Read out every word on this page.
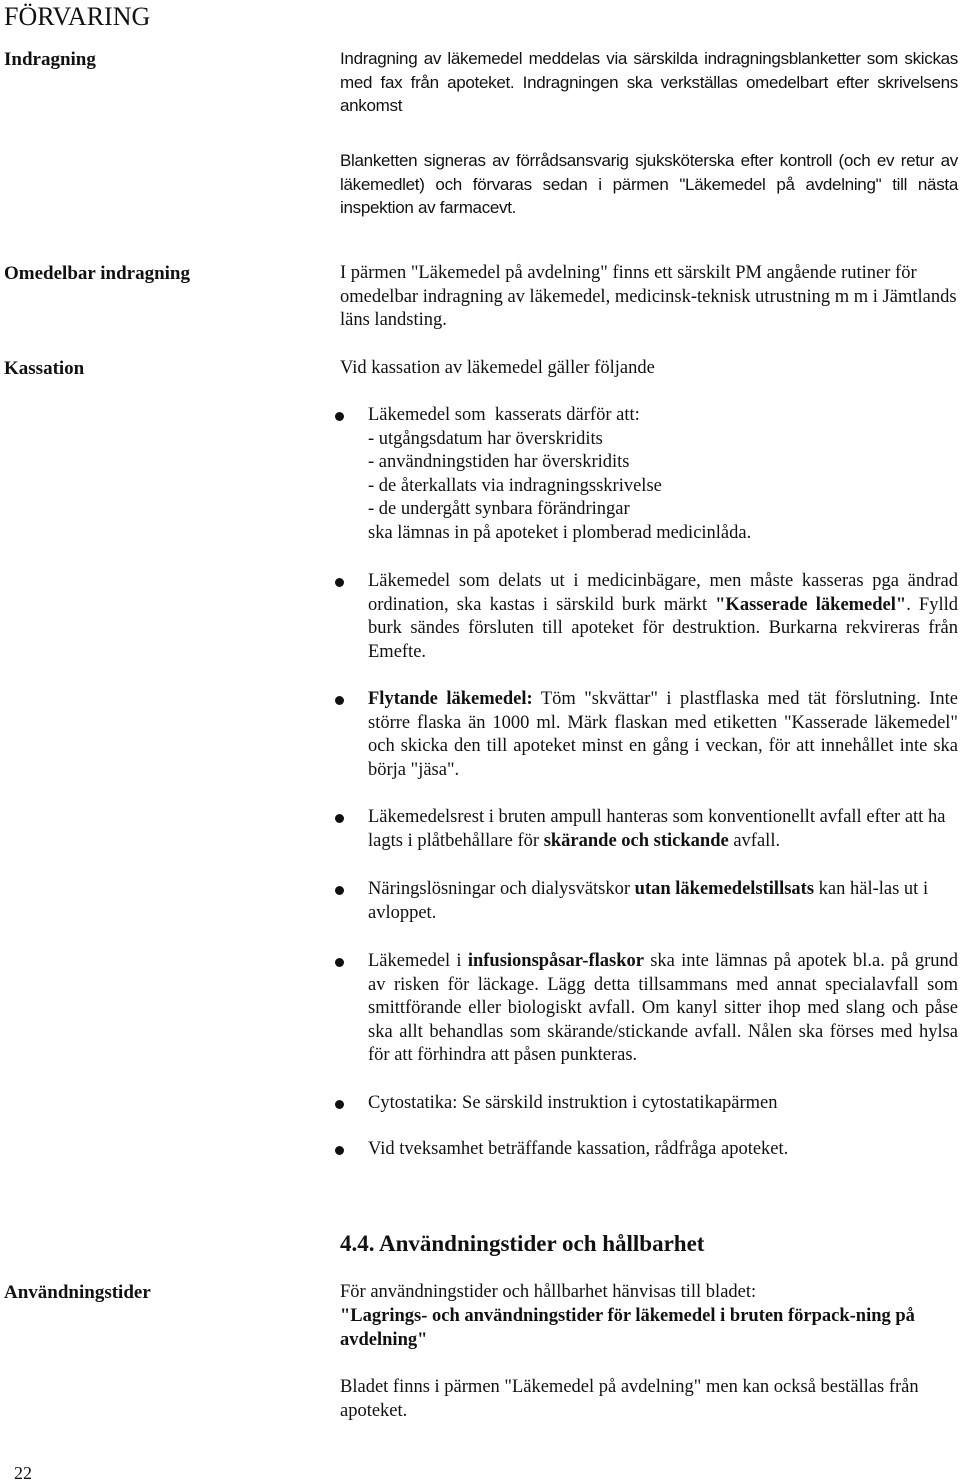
FÖRVARING
Indragning	Indragning av läkemedel meddelas via särskilda indragningsblanketter som skickas med fax från apoteket. Indragningen ska verkställas omedelbart efter skrivelsens ankomst
Blanketten signeras av förrådsansvarig sjuksköterska efter kontroll (och ev retur av läkemedlet) och förvaras sedan i pärmen "Läkemedel på avdelning" till nästa inspektion av farmacevt.
Omedelbar indragning	I pärmen "Läkemedel på avdelning" finns ett särskilt PM angående rutiner för omedelbar indragning av läkemedel, medicinsk-teknisk utrustning m m i Jämtlands läns landsting.
Kassation	Vid kassation av läkemedel gäller följande
Läkemedel som  kasserats därför att:
- utgångsdatum har överskridits
- användningstiden har överskridits
- de återkallats via indragningsskrivelse
- de undergått synbara förändringar
ska lämnas in på apoteket i plomberad medicinlåda.

Läkemedel som delats ut i medicinbägare, men måste kasseras pga ändrad ordination, ska kastas i särskild burk märkt "Kasserade läkemedel". Fylld burk sändes försluten till apoteket för destruktion. Burkarna rekvireras från Emefte.

Flytande läkemedel: Töm "skvättar" i plastflaska med tät förslutning. Inte större flaska än 1000 ml. Märk flaskan med etiketten "Kasserade läkemedel" och skicka den till apoteket minst en gång i veckan, för att innehållet inte ska börja "jäsa".

Läkemedelsrest i bruten ampull hanteras som konventionellt avfall efter att ha lagts i plåtbehållare för skärande och stickande avfall.

Näringslösningar och dialysvätskor utan läkemedelstillsats kan häl-las ut i avloppet.

Läkemedel i infusionspåsar-flaskor ska inte lämnas på apotek bl.a. på grund av risken för läckage. Lägg detta tillsammans med annat specialavfall som smittförande eller biologiskt avfall. Om kanyl sitter ihop med slang och påse ska allt behandlas som skärande/stickande avfall. Nålen ska förses med hylsa för att förhindra att påsen punkteras.

Cytostatika: Se särskild instruktion i cytostatikapärmen

Vid tveksamhet beträffande kassation, rådfråga apoteket.

4.4. Användningstider och hållbarhet
Användningstider	För användningstider och hållbarhet hänvisas till bladet:
"Lagrings- och användningstider för läkemedel i bruten förpack-ning på avdelning"
Bladet finns i pärmen "Läkemedel på avdelning" men kan också beställas från apoteket.
22
